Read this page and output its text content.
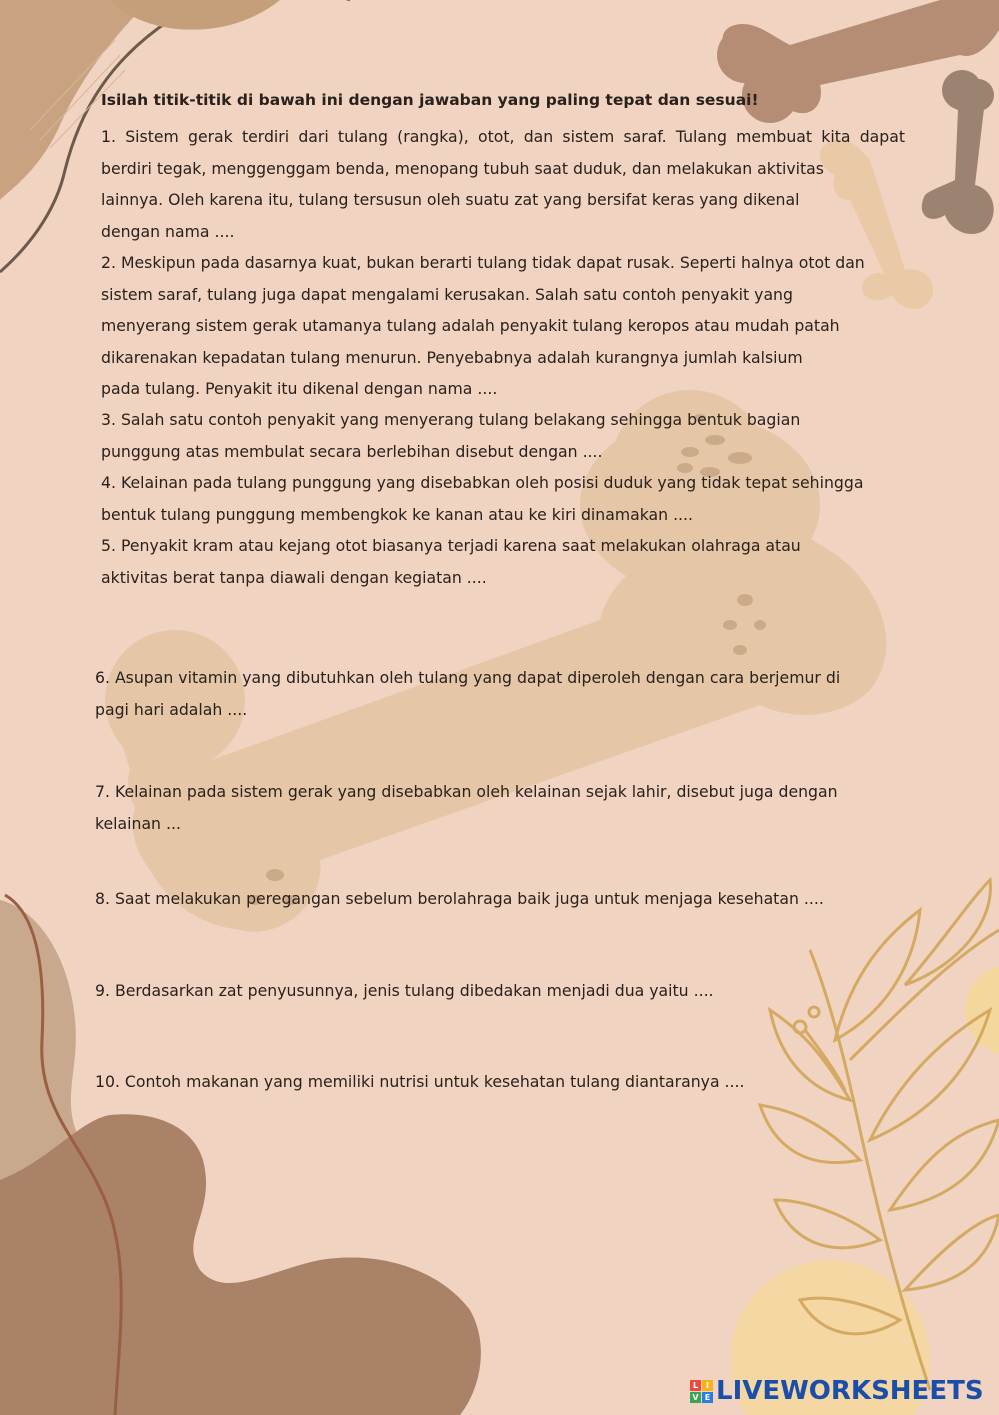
Isilah titik-titik di bawah ini dengan jawaban yang paling tepat dan sesuai!
1. Sistem gerak terdiri dari tulang (rangka), otot, dan sistem saraf. Tulang membuat kita dapat
berdiri tegak, menggenggam benda, menopang tubuh saat duduk, dan melakukan aktivitas
lainnya. Oleh karena itu, tulang tersusun oleh suatu zat yang bersifat keras yang dikenal
dengan nama ....
2. Meskipun pada dasarnya kuat, bukan berarti tulang tidak dapat rusak. Seperti halnya otot dan
sistem saraf, tulang juga dapat mengalami kerusakan. Salah satu contoh penyakit yang
menyerang sistem gerak utamanya tulang adalah penyakit tulang keropos atau mudah patah
dikarenakan kepadatan tulang menurun. Penyebabnya adalah kurangnya jumlah kalsium
pada tulang. Penyakit itu dikenal dengan nama ....
3. Salah satu contoh penyakit yang menyerang tulang belakang sehingga bentuk bagian
punggung atas membulat secara berlebihan disebut dengan ....
4. Kelainan pada tulang punggung yang disebabkan oleh posisi duduk yang tidak tepat sehingga
bentuk tulang punggung membengkok ke kanan atau ke kiri dinamakan ....
5. Penyakit kram atau kejang otot biasanya terjadi karena saat melakukan olahraga atau
aktivitas berat tanpa diawali dengan kegiatan ....
6. Asupan vitamin yang dibutuhkan oleh tulang yang dapat diperoleh dengan cara berjemur di
pagi hari adalah ....
7. Kelainan pada sistem gerak yang disebabkan oleh kelainan sejak lahir, disebut juga dengan
kelainan ...
8. Saat melakukan peregangan sebelum berolahraga baik juga untuk menjaga kesehatan ....
9. Berdasarkan zat penyusunnya, jenis tulang dibedakan menjadi dua yaitu ....
10. Contoh makanan yang memiliki nutrisi untuk kesehatan tulang diantaranya ....
L I
V E LIVEWORKSHEETS
